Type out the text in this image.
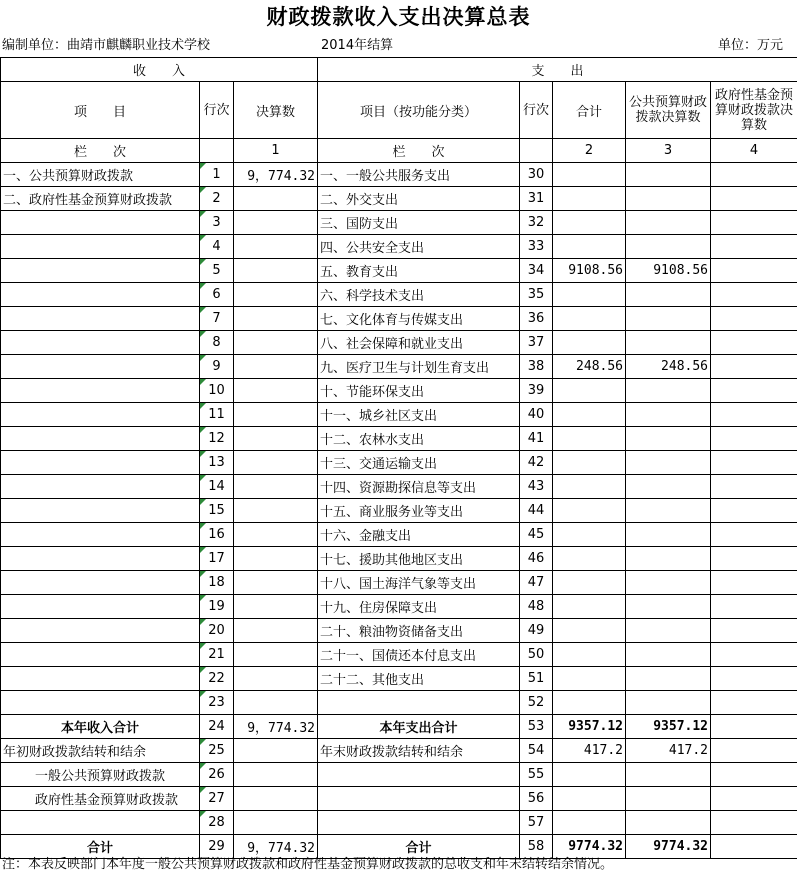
财政拨款收入支出决算总表
编制单位：曲靖市麒麟职业技术学校	2014年结算	单位：万元
收　　入			支　　出				
项　　目	行次	决算数	项目（按功能分类）	行次	合计	公共预算财政拨款决算数	政府性基金预算财政拨款决算数
栏　　次		1	栏　　次		2	3	4
一、公共预算财政拨款	1	9，774.32	一、一般公共服务支出	30			
二、政府性基金预算财政拨款	2		二、外交支出	31			
	3		三、国防支出	32			
	4		四、公共安全支出	33			
	5		五、教育支出	34	9108.56	9108.56	
	6		六、科学技术支出	35			
	7		七、文化体育与传媒支出	36			
	8		八、社会保障和就业支出	37			
	9		九、医疗卫生与计划生育支出	38	248.56	248.56	
	10		十、节能环保支出	39			
	11		十一、城乡社区支出	40			
	12		十二、农林水支出	41			
	13		十三、交通运输支出	42			
	14		十四、资源勘探信息等支出	43			
	15		十五、商业服务业等支出	44			
	16		十六、金融支出	45			
	17		十七、援助其他地区支出	46			
	18		十八、国土海洋气象等支出	47			
	19		十九、住房保障支出	48			
	20		二十、粮油物资储备支出	49			
	21		二十一、国债还本付息支出	50			
	22		二十二、其他支出	51			
	23			52			
本年收入合计	24	9，774.32	本年支出合计	53	9357.12	9357.12	
年初财政拨款结转和结余	25		年末财政拨款结转和结余	54	417.2	417.2	
一般公共预算财政拨款	26			55			
政府性基金预算财政拨款	27			56			
	28			57			
合计	29	9，774.32	合计	58	9774.32	9774.32	
注：本表反映部门本年度一般公共预算财政拨款和政府性基金预算财政拨款的总收支和年末结转结余情况。
